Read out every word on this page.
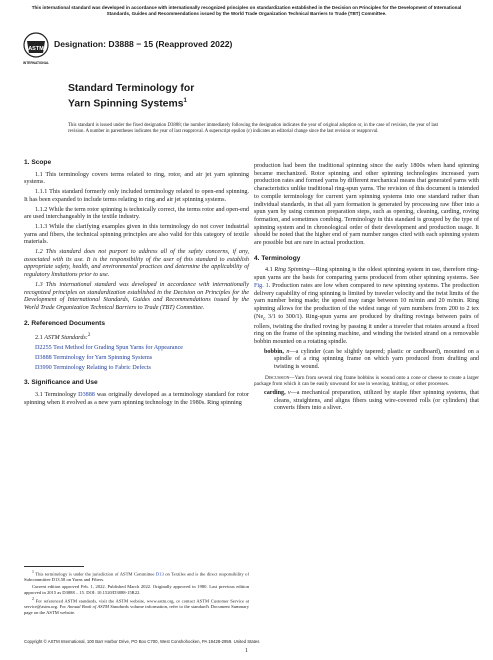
This international standard was developed in accordance with internationally recognized principles on standardization established in the Decision on Principles for the Development of International Standards, Guides and Recommendations issued by the World Trade Organization Technical Barriers to Trade (TBT) Committee.
ASTM
INTERNATIONAL
Designation: D3888 − 15 (Reapproved 2022)
Standard Terminology for
Yarn Spinning Systems$^1$
This standard is issued under the fixed designation D3888; the number immediately following the designation indicates the year of original adoption or, in the case of revision, the year of last revision. A number in parentheses indicates the year of last reapproval. A superscript epsilon (ε) indicates an editorial change since the last revision or reapproval.
1. Scope

1.1 This terminology covers terms related to ring, rotor, and air jet yarn spinning systems.

1.1.1 This standard formerly only included terminology related to open-end spinning. It has been expanded to include terms relating to ring and air jet spinning systems.

1.1.2 While the term rotor spinning is technically correct, the terms rotor and open-end are used interchangeably in the textile industry.

1.1.3 While the clarifying examples given in this terminology do not cover industrial yarns and fibers, the technical spinning principles are also valid for this category of textile materials.

1.2 This standard does not purport to address all of the safety concerns, if any, associated with its use. It is the responsibility of the user of this standard to establish appropriate safety, health, and environmental practices and determine the applicability of regulatory limitations prior to use.

1.3 This international standard was developed in accordance with internationally recognized principles on standardization established in the Decision on Principles for the Development of International Standards, Guides and Recommendations issued by the World Trade Organization Technical Barriers to Trade (TBT) Committee.

2. Referenced Documents

2.1 ASTM Standards:$^2$

D2255 Test Method for Grading Spun Yarns for Appearance

D3888 Terminology for Yarn Spinning Systems

D3990 Terminology Relating to Fabric Defects

3. Significance and Use

3.1 Terminology D3888 was originally developed as a terminology standard for rotor spinning when it evolved as a new yarn spinning technology in the 1980s. Ring spinning

production had been the traditional spinning since the early 1800s when hand spinning became mechanized. Rotor spinning and other spinning technologies increased yarn production rates and formed yarns by different mechanical means that generated yarns with characteristics unlike traditional ring-spun yarns. The revision of this document is intended to compile terminology for current yarn spinning systems into one standard rather than individual standards, in that all yarn formation is generated by processing raw fiber into a spun yarn by using common preparation steps, such as opening, cleaning, carding, roving formation, and sometimes combing. Terminology in this standard is grouped by the type of spinning system and in chronological order of their development and production usage. It should be noted that the higher end of yarn number ranges cited with each spinning system are possible but are rare in actual production.

4. Terminology

4.1 Ring Spinning—Ring spinning is the oldest spinning system in use, therefore ring-spun yarns are the basis for comparing yarns produced from other spinning systems. See Fig. 1. Production rates are low when compared to new spinning systems. The production delivery capability of ring spinning is limited by traveler velocity and the twist limits of the yarn number being made; the speed may range between 10 m/min and 20 m/min. Ring spinning allows for the production of the widest range of yarn numbers from 200 to 2 tex ($Ne_c$ 3/1 to 300/1). Ring-spun yarns are produced by drafting rovings between pairs of rollers, twisting the drafted roving by passing it under a traveler that rotates around a fixed ring on the frame of the spinning machine, and winding the twisted strand on a removable bobbin mounted on a rotating spindle.

bobbin, n—a cylinder (can be slightly tapered; plastic or cardboard), mounted on a spindle of a ring spinning frame on which yarn produced from drafting and twisting is wound.

Discussion—Yarn from several ring frame bobbins is wound onto a cone or cheese to create a larger package from which it can be easily unwound for use in weaving, knitting, or other processes.

carding, v—a mechanical preparation, utilized by staple fiber spinning systems, that cleans, straightens, and aligns fibers using wire-covered rolls (or cylinders) that converts fibers into a sliver.

$^1$ This terminology is under the jurisdiction of ASTM Committee D13 on Textiles and is the direct responsibility of Subcommittee D13.58 on Yarns and Fibers.

Current edition approved Feb. 1, 2022. Published March 2022. Originally approved in 1980. Last previous edition approved in 2015 as D3888 – 15. DOI: 10.1520/D3888-15R22.

$^2$ For referenced ASTM standards, visit the ASTM website, www.astm.org, or contact ASTM Customer Service at service@astm.org. For Annual Book of ASTM Standards volume information, refer to the standard's Document Summary page on the ASTM website.

Copyright © ASTM International, 100 Barr Harbor Drive, PO Box C700, West Conshohocken, PA 19428-2959. United States
1
